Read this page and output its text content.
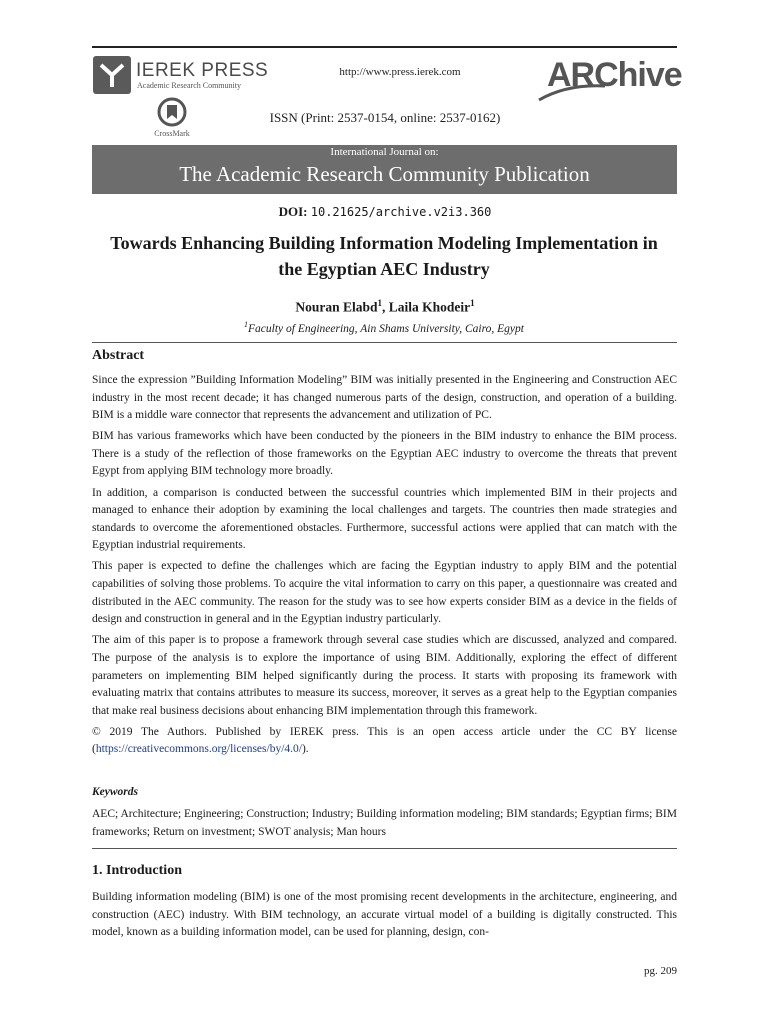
IEREK PRESS
Academic Research Community
CrossMark
http://www.press.ierek.com
ISSN (Print: 2537-0154, online: 2537-0162)
ARChive
International Journal on:
The Academic Research Community Publication
DOI: 10.21625/archive.v2i3.360
Towards Enhancing Building Information Modeling Implementation in the Egyptian AEC Industry
Nouran Elabd$^1$, Laila Khodeir$^1$
$^1$Faculty of Engineering, Ain Shams University, Cairo, Egypt
Abstract

Since the expression ”Building Information Modeling” BIM was initially presented in the Engineering and Construction AEC industry in the most recent decade; it has changed numerous parts of the design, construction, and operation of a building. BIM is a middle ware connector that represents the advancement and utilization of PC.

BIM has various frameworks which have been conducted by the pioneers in the BIM industry to enhance the BIM process. There is a study of the reflection of those frameworks on the Egyptian AEC industry to overcome the threats that prevent Egypt from applying BIM technology more broadly.

In addition, a comparison is conducted between the successful countries which implemented BIM in their projects and managed to enhance their adoption by examining the local challenges and targets. The countries then made strategies and standards to overcome the aforementioned obstacles. Furthermore, successful actions were applied that can match with the Egyptian industrial requirements.

This paper is expected to define the challenges which are facing the Egyptian industry to apply BIM and the potential capabilities of solving those problems. To acquire the vital information to carry on this paper, a questionnaire was created and distributed in the AEC community. The reason for the study was to see how experts consider BIM as a device in the fields of design and construction in general and in the Egyptian industry particularly.

The aim of this paper is to propose a framework through several case studies which are discussed, analyzed and compared. The purpose of the analysis is to explore the importance of using BIM. Additionally, exploring the effect of different parameters on implementing BIM helped significantly during the process. It starts with proposing its framework with evaluating matrix that contains attributes to measure its success, moreover, it serves as a great help to the Egyptian companies that make real business decisions about enhancing BIM implementation through this framework.

© 2019 The Authors. Published by IEREK press. This is an open access article under the CC BY license (https://creativecommons.org/licenses/by/4.0/).

Keywords

AEC; Architecture; Engineering; Construction; Industry; Building information modeling; BIM standards; Egyptian firms; BIM frameworks; Return on investment; SWOT analysis; Man hours

1. Introduction

Building information modeling (BIM) is one of the most promising recent developments in the architecture, engineering, and construction (AEC) industry. With BIM technology, an accurate virtual model of a building is digitally constructed. This model, known as a building information model, can be used for planning, design, con-

pg. 209
